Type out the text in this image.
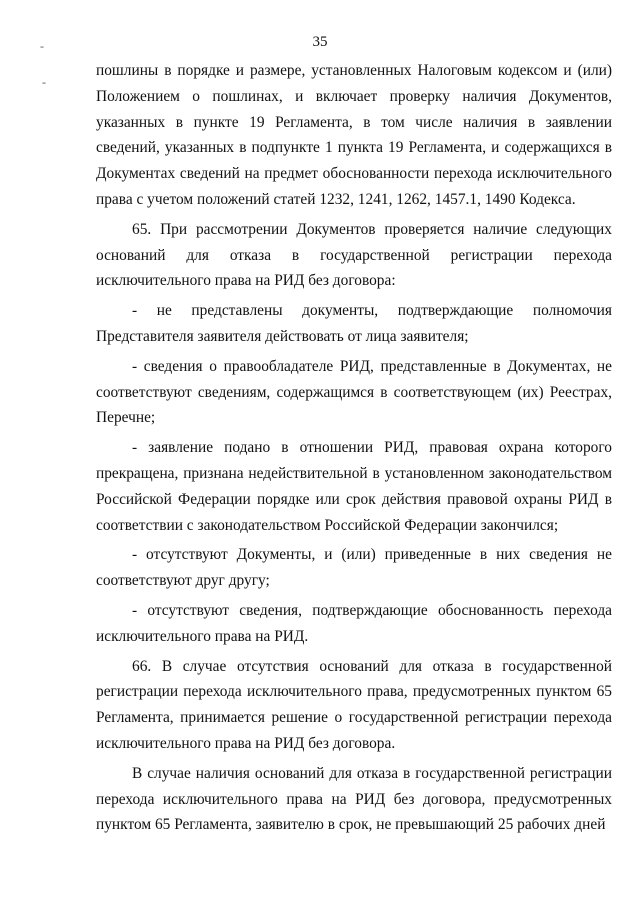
35
-
-

пошлины в порядке и размере, установленных Налоговым кодексом и (или) Положением о пошлинах, и включает проверку наличия Документов, указанных в пункте 19 Регламента, в том числе наличия в заявлении сведений, указанных в подпункте 1 пункта 19 Регламента, и содержащихся в Документах сведений на предмет обоснованности перехода исключительного права с учетом положений статей 1232, 1241, 1262, 1457.1, 1490 Кодекса.

65. При рассмотрении Документов проверяется наличие следующих оснований для отказа в государственной регистрации перехода исключительного права на РИД без договора:

- не представлены документы, подтверждающие полномочия Представителя заявителя действовать от лица заявителя;

- сведения о правообладателе РИД, представленные в Документах, не соответствуют сведениям, содержащимся в соответствующем (их) Реестрах, Перечне;

- заявление подано в отношении РИД, правовая охрана которого прекращена, признана недействительной в установленном законодательством Российской Федерации порядке или срок действия правовой охраны РИД в соответствии с законодательством Российской Федерации закончился;

- отсутствуют Документы, и (или) приведенные в них сведения не соответствуют друг другу;

- отсутствуют сведения, подтверждающие обоснованность перехода исключительного права на РИД.

66. В случае отсутствия оснований для отказа в государственной регистрации перехода исключительного права, предусмотренных пунктом 65 Регламента, принимается решение о государственной регистрации перехода исключительного права на РИД без договора.

В случае наличия оснований для отказа в государственной регистрации перехода исключительного права на РИД без договора, предусмотренных пунктом 65 Регламента, заявителю в срок, не превышающий 25 рабочих дней
